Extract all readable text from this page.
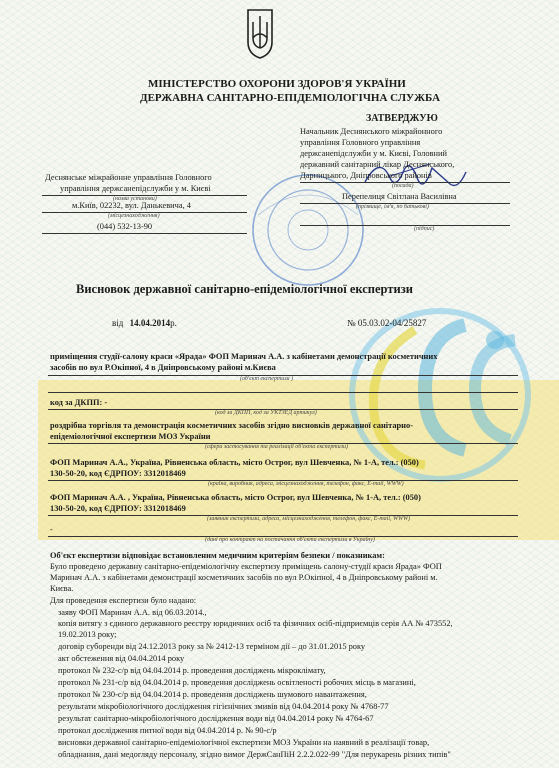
МІНІСТЕРСТВО ОХОРОНИ ЗДОРОВ'Я УКРАЇНИ
ДЕРЖАВНА САНІТАРНО-ЕПІДЕМІОЛОГІЧНА СЛУЖБА
ЗАТВЕРДЖУЮ
Начальник Деснянського міжрайонного
управління Головного управління
держсанепідслужби у м. Києві, Головний
державний санітарний лікар Деснянського,
Дарницького, Дніпровського районів
(посада)
Перепелиця Світлана Василівна
(прізвище, ім'я, по батькові)
(підпис)
Деснянське міжрайонне управління Головного
управління держсанепідслужби у м. Києві
(назва установи)
м.Київ, 02232, вул. Данькевича, 4
(місцезнаходження)
(044) 532-13-90
Висновок державної санітарно-епідеміологічної експертизи
від 14.04.2014р.	№ 05.03.02-04/25827
приміщення студії-салону краси «Ярада» ФОП Маринач А.А. з кабінетами демонстрації косметичних
засобів по вул Р.Окіпної, 4 в Дніпровському районі м.Києва
(об'єкт експертизи )
код за ДКПП: -
(код за ДКПП, код за УКТЗЕД артикул)
роздрібна торгівля та демонстрація косметичних засобів згідно висновків державної санітарно-
епідеміологічної експертизи МОЗ України
(сфера застосування та реалізації об'єкта експертизи)
ФОП Маринач А.А., Україна, Рівненська область, місто Острог, вул Шевченка, № 1-А, тел.: (050)
130-50-20, код ЄДРПОУ: 3312018469
(країна, виробник, адреса, місцезнаходження, телефон, факс, E-mail, WWW)
ФОП Маринач А.А. , Україна, Рівненська область, місто Острог, вул Шевченка, № 1-А, тел.: (050)
130-50-20, код ЄДРПОУ: 3312018469
(заявник експертизи, адреса, місцезнаходження, телефон, факс, E-mail, WWW)
-
(дані про контракт на постачання об'єкта експертизи в Україну)
Об'єкт експертизи відповідає встановленим медичним критеріям безпеки / показникам:
Було проведено державну санітарно-епідеміологічну експертизу приміщень салону-студії краси Ярада» ФОП
Маринач А.А. з кабінетами демонстрації косметичних засобів по вул Р.Окіпної, 4 в Дніпровському районі м.
Києва.
Для проведення експертизи було надано:
заяву ФОП Маринач А.А. від 06.03.2014.,
копія витягу з єдиного державного реєстру юридичних осіб та фізичних осіб-підприємців серія АА № 473552,
19.02.2013 року;
договір суборенди від 24.12.2013 року за № 2412-13 терміном дії – до 31.01.2015 року
акт обстеження від 04.04.2014 року
протокол № 232-с/р від 04.04.2014 р. проведення досліджень мікроклімату,
протокол № 231-с/р від 04.04.2014 р. проведення досліджень освітленості робочих місць в магазині,
протокол № 230-с/р від 04.04.2014 р. проведення досліджень шумового навантаження,
результати мікробіологічного дослідження гігієнічних змивів від 04.04.2014 року № 4768-77
результат санітарно-мікробіологічного дослідження води від 04.04.2014 року № 4764-67
протокол дослідження питної води від 04.04.2014 р. № 90-с/р
висновки державної санітарно-епідеміологічної експертизи МОЗ України на наявний в реалізації товар,
обладнання, дані медогляду персоналу, згідно вимог ДержСанПіН 2.2.2.022-99 "Для перукарень різних типів"
